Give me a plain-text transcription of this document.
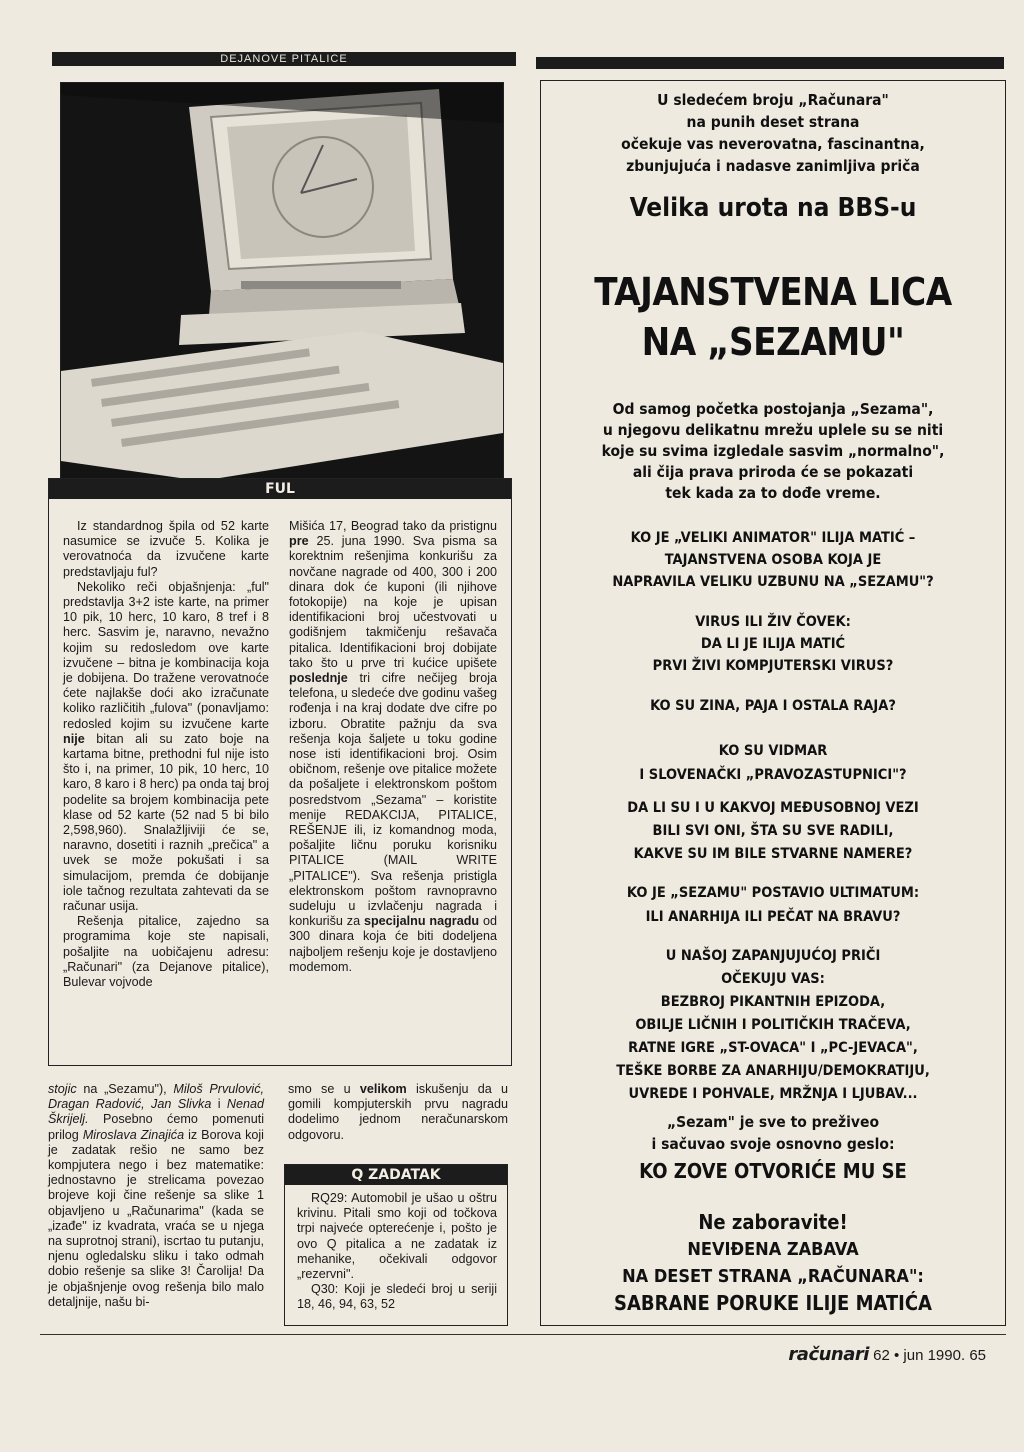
DEJANOVE PITALICE
FUL

Iz standardnog špila od 52 karte nasumice se izvuče 5. Kolika je verovatnoća da izvučene karte predstavljaju ful?

Nekoliko reči objašnjenja: „ful" predstavlja 3+2 iste karte, na primer 10 pik, 10 herc, 10 karo, 8 tref i 8 herc. Sasvim je, naravno, nevažno kojim su redosledom ove karte izvučene – bitna je kombinacija koja je dobijena. Do tražene verovatnoće ćete najlakše doći ako izračunate koliko različitih „fulova" (ponavljamo: redosled kojim su izvučene karte nije bitan ali su zato boje na kartama bitne, prethodni ful nije isto što i, na primer, 10 pik, 10 herc, 10 karo, 8 karo i 8 herc) pa onda taj broj podelite sa brojem kombinacija pete klase od 52 karte (52 nad 5 bi bilo 2,598,960). Snalažljiviji će se, naravno, dosetiti i raznih „prečica" a uvek se može pokušati i sa simulacijom, premda će dobijanje iole tačnog rezultata zahtevati da se računar usija.

Rešenja pitalice, zajedno sa programima koje ste napisali, pošaljite na uobičajenu adresu: „Računari" (za Dejanove pitalice), Bulevar vojvode

Mišića 17, Beograd tako da pristignu pre 25. juna 1990. Sva pisma sa korektnim rešenjima konkurišu za novčane nagrade od 400, 300 i 200 dinara dok će kuponi (ili njihove fotokopije) na koje je upisan identifikacioni broj učestvovati u godišnjem takmičenju rešavača pitalica. Identifikacioni broj dobijate tako što u prve tri kućice upišete poslednje tri cifre nečijeg broja telefona, u sledeće dve godinu vašeg rođenja i na kraj dodate dve cifre po izboru. Obratite pažnju da sva rešenja koja šaljete u toku godine nose isti identifikacioni broj. Osim običnom, rešenje ove pitalice možete da pošaljete i elektronskom poštom posredstvom „Sezama" – koristite menije REDAKCIJA, PITALICE, REŠENJE ili, iz komandnog moda, pošaljite ličnu poruku korisniku PITALICE (MAIL WRITE „PITALICE"). Sva rešenja pristigla elektronskom poštom ravnopravno sudeluju u izvlačenju nagrada i konkurišu za specijalnu nagradu od 300 dinara koja će biti dodeljena najboljem rešenju koje je dostavljeno modemom.

stojic na „Sezamu"), Miloš Prvulović, Dragan Radović, Jan Slivka i Nenad Škrijelj. Posebno ćemo pomenuti prilog Miroslava Zinajića iz Borova koji je zadatak rešio ne samo bez kompjutera nego i bez matematike: jednostavno je strelicama povezao brojeve koji čine rešenje sa slike 1 objavljeno u „Računarima" (kada se „izađe" iz kvadrata, vraća se u njega na suprotnoj strani), iscrtao tu putanju, njenu ogledalsku sliku i tako odmah dobio rešenje sa slike 3! Čarolija! Da je objašnjenje ovog rešenja bilo malo detaljnije, našu bi-

smo se u velikom iskušenju da u gomili kompjuterskih prvu nagradu dodelimo jednom neračunarskom odgovoru.

Q ZADATAK

RQ29: Automobil je ušao u oštru krivinu. Pitali smo koji od točkova trpi najveće opterećenje i, pošto je ovo Q pitalica a ne zadatak iz mehanike, očekivali odgovor „rezervni".

Q30: Koji je sledeći broj u seriji 18, 46, 94, 63, 52

U sledećem broju „Računara"

na punih deset strana

očekuje vas neverovatna, fascinantna,

zbunjujuća i nadasve zanimljiva priča

Velika urota na BBS-u

TAJANSTVENA LICA

NA „SEZAMU"

Od samog početka postojanja „Sezama",

u njegovu delikatnu mrežu uplele su se niti

koje su svima izgledale sasvim „normalno",

ali čija prava priroda će se pokazati

tek kada za to dođe vreme.

KO JE „VELIKI ANIMATOR" ILIJA MATIĆ –

TAJANSTVENA OSOBA KOJA JE

NAPRAVILA VELIKU UZBUNU NA „SEZAMU"?

VIRUS ILI ŽIV ČOVEK:

DA LI JE ILIJA MATIĆ

PRVI ŽIVI KOMPJUTERSKI VIRUS?

KO SU ZINA, PAJA I OSTALA RAJA?

KO SU VIDMAR

I SLOVENAČKI „PRAVOZASTUPNICI"?

DA LI SU I U KAKVOJ MEĐUSOBNOJ VEZI

BILI SVI ONI, ŠTA SU SVE RADILI,

KAKVE SU IM BILE STVARNE NAMERE?

KO JE „SEZAMU" POSTAVIO ULTIMATUM:

ILI ANARHIJA ILI PEČAT NA BRAVU?

U NAŠOJ ZAPANJUJUĆOJ PRIČI

OČEKUJU VAS:

BEZBROJ PIKANTNIH EPIZODA,

OBILJE LIČNIH I POLITIČKIH TRAČEVA,

RATNE IGRE „ST-OVACA" I „PC-JEVACA",

TEŠKE BORBE ZA ANARHIJU/DEMOKRATIJU,

UVREDE I POHVALE, MRŽNJA I LJUBAV...

„Sezam" je sve to preživeo

i sačuvao svoje osnovno geslo:

KO ZOVE OTVORIĆE MU SE

Ne zaboravite!

NEVIĐENA ZABAVA

NA DESET STRANA „RAČUNARA":

SABRANE PORUKE ILIJE MATIĆA

računari 62 • jun 1990. 65
